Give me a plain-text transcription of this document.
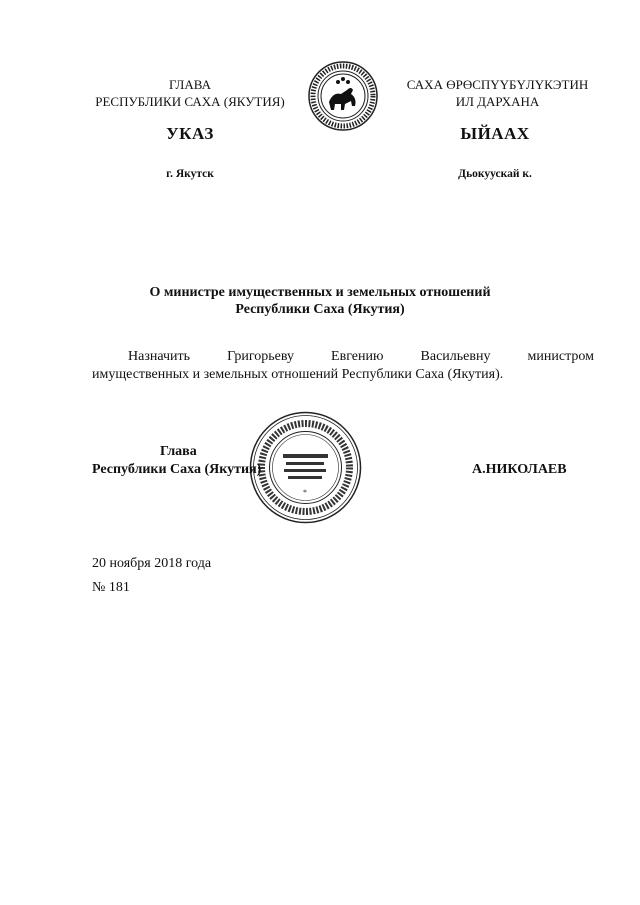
ГЛАВА
РЕСПУБЛИКИ САХА (ЯКУТИЯ)
САХА ӨРӨСПҮҮБҮЛҮКЭТИН
ИЛ ДАРХАНА
УКАЗ	ЫЙААХ
г. Якутск	Дьокуускай к.
О министре имущественных и земельных отношений
Республики Саха (Якутия)
Назначить Григорьеву Евгению Васильевну министром
имущественных и земельных отношений Республики Саха (Якутия).
*
Глава
Республики Саха (Якутия)	А.НИКОЛАЕВ
20 ноября 2018 года
№ 181
